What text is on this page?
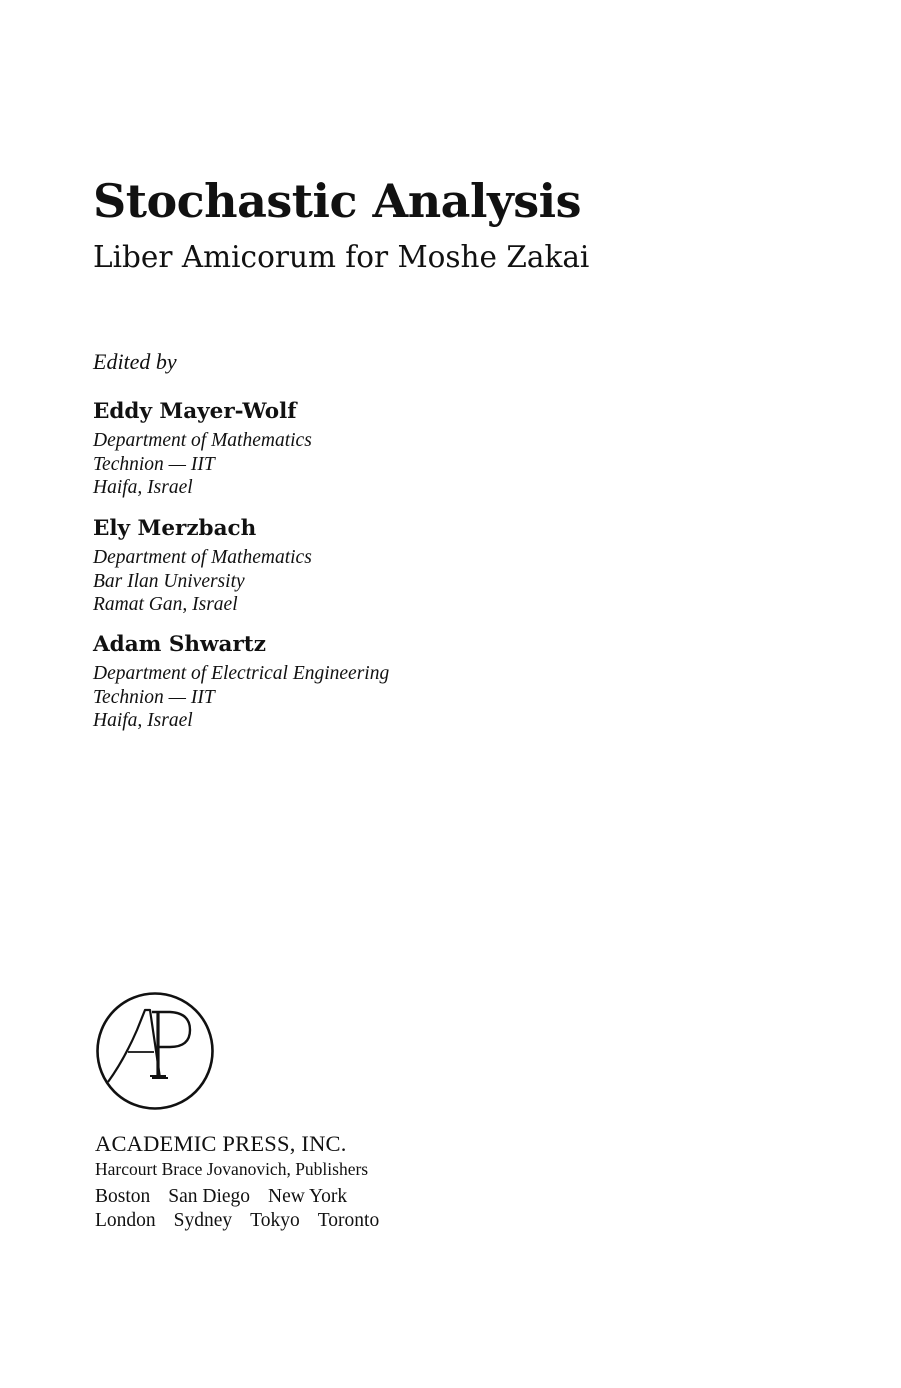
Stochastic Analysis
Liber Amicorum for Moshe Zakai
Edited by
Eddy Mayer-Wolf
Department of Mathematics
Technion — IIT
Haifa, Israel
Ely Merzbach
Department of Mathematics
Bar Ilan University
Ramat Gan, Israel
Adam Shwartz
Department of Electrical Engineering
Technion — IIT
Haifa, Israel
ACADEMIC PRESS, INC.
Harcourt Brace Jovanovich, Publishers
Boston San Diego New York
London Sydney Tokyo Toronto
